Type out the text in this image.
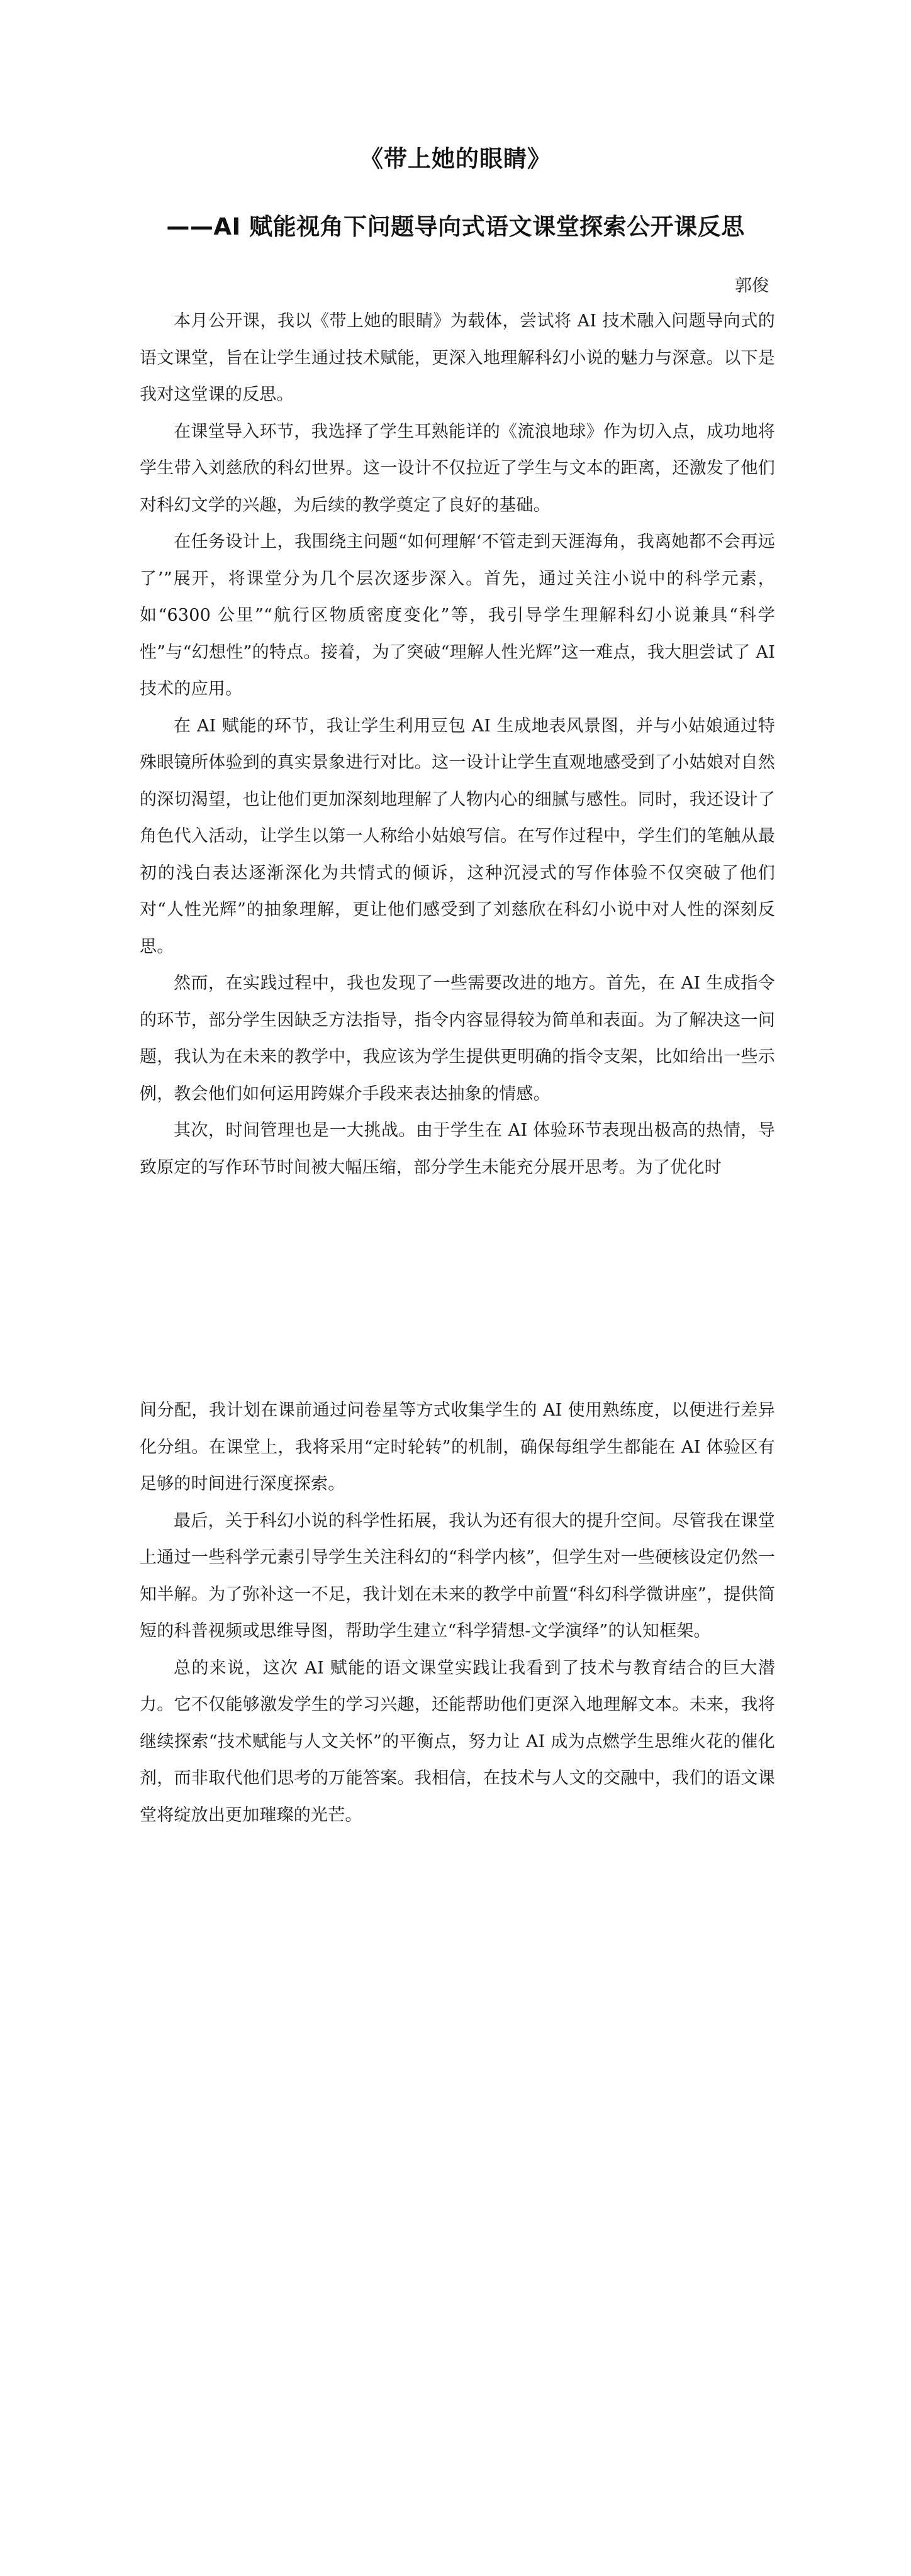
《带上她的眼睛》
——AI 赋能视角下问题导向式语文课堂探索公开课反思
郭俊

本月公开课，我以《带上她的眼睛》为载体，尝试将 AI 技术融入问题导向式的语文课堂，旨在让学生通过技术赋能，更深入地理解科幻小说的魅力与深意。以下是我对这堂课的反思。

在课堂导入环节，我选择了学生耳熟能详的《流浪地球》作为切入点，成功地将学生带入刘慈欣的科幻世界。这一设计不仅拉近了学生与文本的距离，还激发了他们对科幻文学的兴趣，为后续的教学奠定了良好的基础。

在任务设计上，我围绕主问题“如何理解‘不管走到天涯海角，我离她都不会再远了’”展开，将课堂分为几个层次逐步深入。首先，通过关注小说中的科学元素，如“6300 公里”“航行区物质密度变化”等，我引导学生理解科幻小说兼具“科学性”与“幻想性”的特点。接着，为了突破“理解人性光辉”这一难点，我大胆尝试了 AI 技术的应用。

在 AI 赋能的环节，我让学生利用豆包 AI 生成地表风景图，并与小姑娘通过特殊眼镜所体验到的真实景象进行对比。这一设计让学生直观地感受到了小姑娘对自然的深切渴望，也让他们更加深刻地理解了人物内心的细腻与感性。同时，我还设计了角色代入活动，让学生以第一人称给小姑娘写信。在写作过程中，学生们的笔触从最初的浅白表达逐渐深化为共情式的倾诉，这种沉浸式的写作体验不仅突破了他们对“人性光辉”的抽象理解，更让他们感受到了刘慈欣在科幻小说中对人性的深刻反思。

然而，在实践过程中，我也发现了一些需要改进的地方。首先，在 AI 生成指令的环节，部分学生因缺乏方法指导，指令内容显得较为简单和表面。为了解决这一问题，我认为在未来的教学中，我应该为学生提供更明确的指令支架，比如给出一些示例，教会他们如何运用跨媒介手段来表达抽象的情感。

其次，时间管理也是一大挑战。由于学生在 AI 体验环节表现出极高的热情，导致原定的写作环节时间被大幅压缩，部分学生未能充分展开思考。为了优化时

间分配，我计划在课前通过问卷星等方式收集学生的 AI 使用熟练度，以便进行差异化分组。在课堂上，我将采用“定时轮转”的机制，确保每组学生都能在 AI 体验区有足够的时间进行深度探索。

最后，关于科幻小说的科学性拓展，我认为还有很大的提升空间。尽管我在课堂上通过一些科学元素引导学生关注科幻的“科学内核”，但学生对一些硬核设定仍然一知半解。为了弥补这一不足，我计划在未来的教学中前置“科幻科学微讲座”，提供简短的科普视频或思维导图，帮助学生建立“科学猜想-文学演绎”的认知框架。

总的来说，这次 AI 赋能的语文课堂实践让我看到了技术与教育结合的巨大潜力。它不仅能够激发学生的学习兴趣，还能帮助他们更深入地理解文本。未来，我将继续探索“技术赋能与人文关怀”的平衡点，努力让 AI 成为点燃学生思维火花的催化剂，而非取代他们思考的万能答案。我相信，在技术与人文的交融中，我们的语文课堂将绽放出更加璀璨的光芒。
